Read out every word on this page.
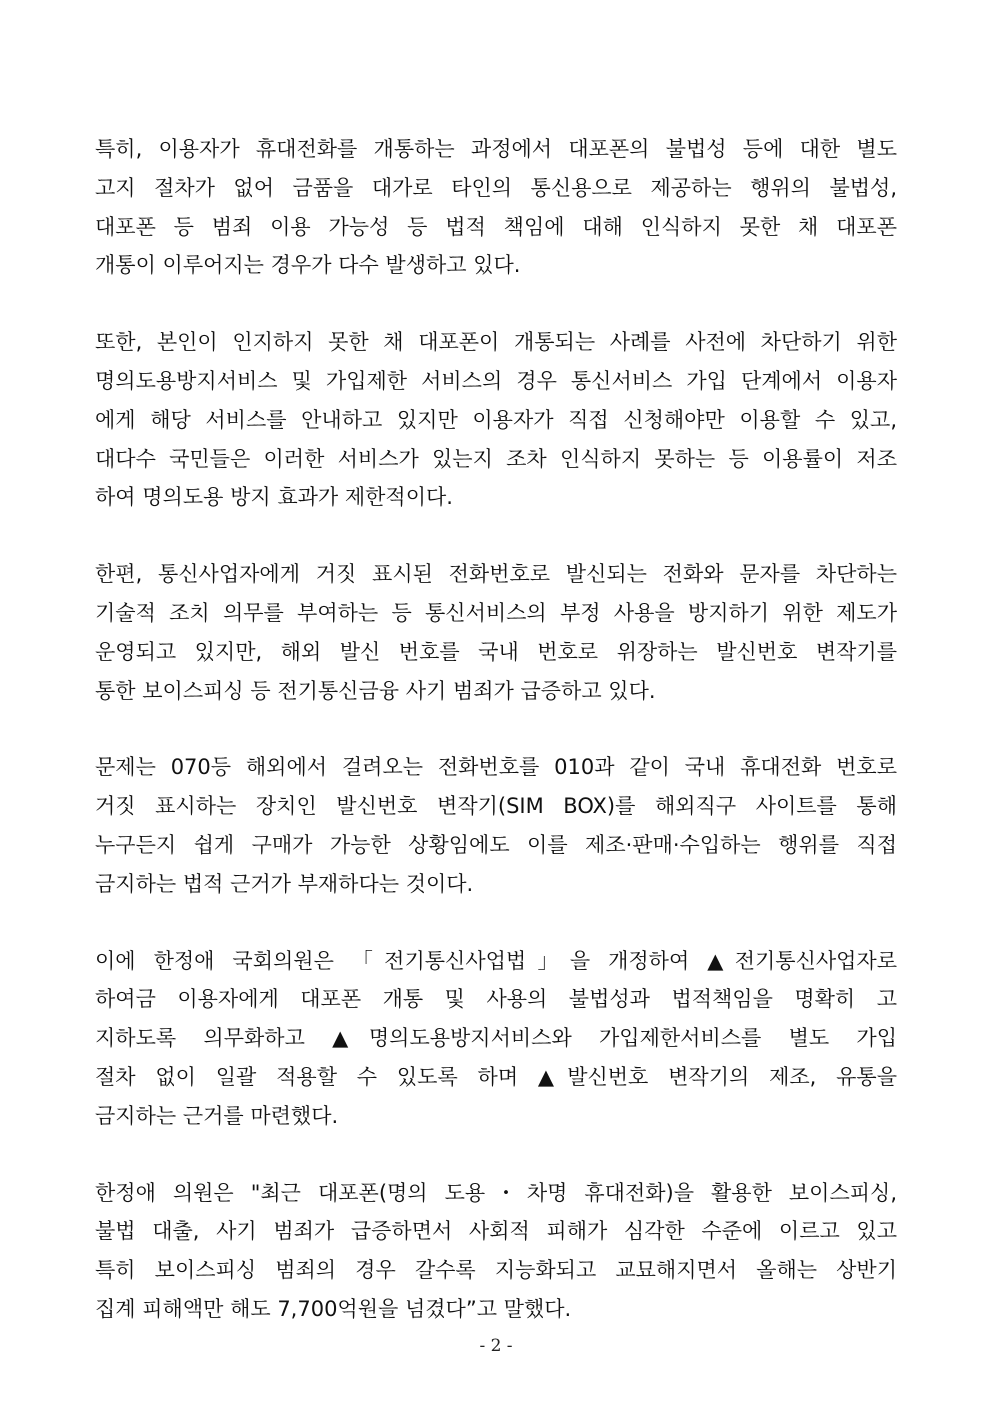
특히, 이용자가 휴대전화를 개통하는 과정에서 대포폰의 불법성 등에 대한 별도
고지 절차가 없어 금품을 대가로 타인의 통신용으로 제공하는 행위의 불법성,
대포폰 등 범죄 이용 가능성 등 법적 책임에 대해 인식하지 못한 채 대포폰
개통이 이루어지는 경우가 다수 발생하고 있다.

또한, 본인이 인지하지 못한 채 대포폰이 개통되는 사례를 사전에 차단하기 위한
명의도용방지서비스 및 가입제한 서비스의 경우 통신서비스 가입 단계에서 이용자
에게 해당 서비스를 안내하고 있지만 이용자가 직접 신청해야만 이용할 수 있고,
대다수 국민들은 이러한 서비스가 있는지 조차 인식하지 못하는 등 이용률이 저조
하여 명의도용 방지 효과가 제한적이다.

한편, 통신사업자에게 거짓 표시된 전화번호로 발신되는 전화와 문자를 차단하는
기술적 조치 의무를 부여하는 등 통신서비스의 부정 사용을 방지하기 위한 제도가
운영되고 있지만, 해외 발신 번호를 국내 번호로 위장하는 발신번호 변작기를
통한 보이스피싱 등 전기통신금융 사기 범죄가 급증하고 있다.

문제는 070등 해외에서 걸려오는 전화번호를 010과 같이 국내 휴대전화 번호로
거짓 표시하는 장치인 발신번호 변작기(SIM BOX)를 해외직구 사이트를 통해
누구든지 쉽게 구매가 가능한 상황임에도 이를 제조·판매·수입하는 행위를 직접
금지하는 법적 근거가 부재하다는 것이다.

이에 한정애 국회의원은 「전기통신사업법」을 개정하여 ▲전기통신사업자로
하여금 이용자에게 대포폰 개통 및 사용의 불법성과 법적책임을 명확히 고
지하도록 의무화하고 ▲명의도용방지서비스와 가입제한서비스를 별도 가입
절차 없이 일괄 적용할 수 있도록 하며 ▲발신번호 변작기의 제조, 유통을
금지하는 근거를 마련했다.

한정애 의원은 "최근 대포폰(명의 도용・차명 휴대전화)을 활용한 보이스피싱,
불법 대출, 사기 범죄가 급증하면서 사회적 피해가 심각한 수준에 이르고 있고
특히 보이스피싱 범죄의 경우 갈수록 지능화되고 교묘해지면서 올해는 상반기
집계 피해액만 해도 7,700억원을 넘겼다”고 말했다.

- 2 -
